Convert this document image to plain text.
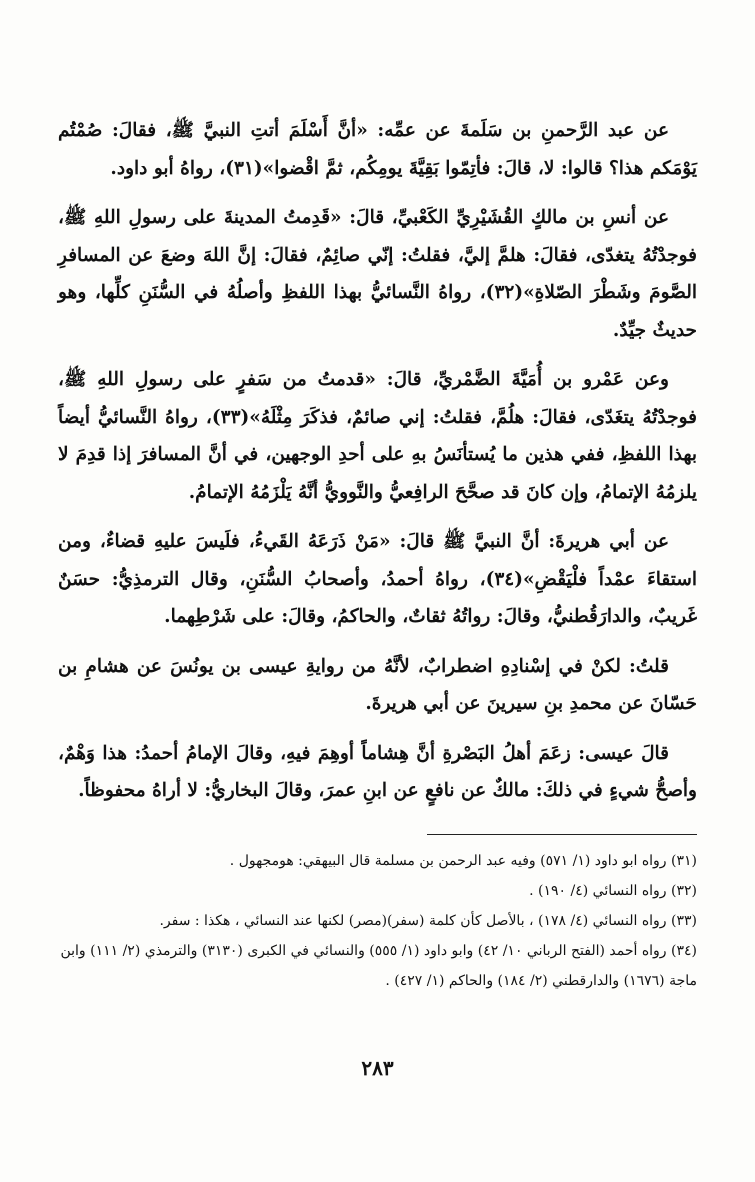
عن عبد الرَّحمنِ بن سَلَمةَ عن عمِّه: «أنَّ أَسْلَمَ أتتِ النبيَّ ﷺ، فقالَ: صُمْتُم يَوْمَكم هذا؟ قالوا: لا، قالَ: فأتِمّوا بَقِيَّةَ يومِكُم، ثمَّ اقْضوا»(٣١)، رواهُ أبو داود.

عن أنسِ بن مالكٍ القُشَيْرِيِّ الكَعْبيِّ، قالَ: «قَدِمتُ المدينةَ على رسولِ اللهِ ﷺ، فوجدْتُهُ يتغدّى، فقالَ: هلمَّ إليَّ، فقلتُ: إنّي صائِمٌ، فقالَ: إنَّ اللهَ وضعَ عن المسافرِ الصَّومَ وشَطْرَ الصّلاةِ»(٣٢)، رواهُ النَّسائيُّ بهذا اللفظِ وأصلُهُ في السُّنَنِ كلِّها، وهو حديثٌ جيِّدٌ.

وعن عَمْرو بن أُمَيَّةَ الضَّمْريِّ، قالَ: «قدمتُ من سَفرٍ على رسولِ اللهِ ﷺ، فوجدْتُهُ يتغَدّى، فقالَ: هلُمَّ، فقلتُ: إني صائمٌ، فذكَرَ مِثْلَهُ»(٣٣)، رواهُ النَّسائيُّ أيضاً بهذا اللفظِ، ففي هذين ما يُستأنَسُ بهِ على أحدِ الوجهين، في أنَّ المسافرَ إذا قدِمَ لا يلزمُهُ الإتمامُ، وإن كانَ قد صحَّحَ الرافِعيُّ والنَّوويُّ أنَّهُ يَلْزَمُهُ الإتمامُ.

عن أبي هريرةَ: أنَّ النبيَّ ﷺ قالَ: «مَنْ ذَرَعَهُ القَيءُ، فلَيسَ عليهِ قضاءٌ، ومن استقاءَ عمْداً فلْيَقْضِ»(٣٤)، رواهُ أحمدُ، وأصحابُ السُّنَنِ، وقال الترمذِيُّ: حسَنٌ غَريبٌ، والدارَقُطنيُّ، وقالَ: رواتُهُ ثقاتٌ، والحاكمُ، وقالَ: على شَرْطِهما.

قلتُ: لكنْ في إسْنادِهِ اضطرابٌ، لأنَّهُ من روايةِ عيسى بن يونُسَ عن هشامِ بن حَسّانَ عن محمدِ بنِ سيرينَ عن أبي هريرةَ.

قالَ عيسى: زعَمَ أهلُ البَصْرةِ أنَّ هِشاماً أوهِمَ فيهِ، وقالَ الإمامُ أحمدُ: هذا وَهْمٌ، وأصحُّ شيءٍ في ذلكَ: مالكٌ عن نافعٍ عن ابنِ عمرَ، وقالَ البخاريُّ: لا أراهُ محفوظاً.

(٣١) رواه ابو داود (١/ ٥٧١) وفيه عبد الرحمن بن مسلمة قال البيهقي: هومجهول .

(٣٢) رواه النسائي (٤/ ١٩٠) .

(٣٣) رواه النسائي (٤/ ١٧٨) ، بالأصل كأن كلمة (سفر)(مصر) لكنها عند النسائي ، هكذا : سفر.

(٣٤) رواه أحمد (الفتح الرباني ١٠/ ٤٢) وابو داود (١/ ٥٥٥) والنسائي في الكبرى (٣١٣٠) والترمذي (٢/ ١١١) وابن ماجة (١٦٧٦) والدارقطني (٢/ ١٨٤) والحاكم (١/ ٤٢٧) .

٢٨٣
